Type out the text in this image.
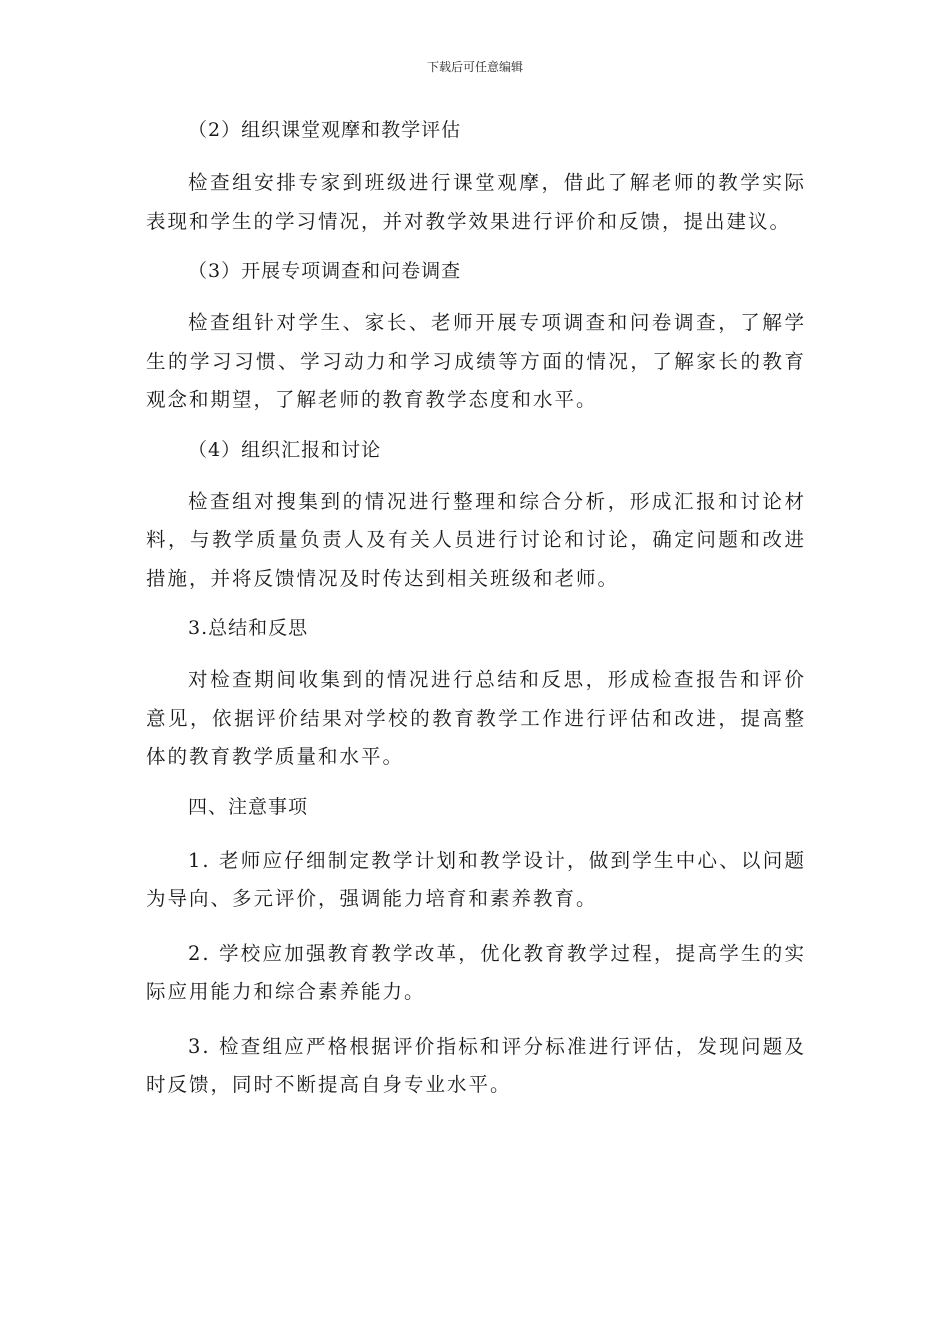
下载后可任意编辑
（2）组织课堂观摩和教学评估
检查组安排专家到班级进行课堂观摩，借此了解老师的教学实际表现和学生的学习情况，并对教学效果进行评价和反馈，提出建议。
（3）开展专项调查和问卷调查
检查组针对学生、家长、老师开展专项调查和问卷调查，了解学生的学习习惯、学习动力和学习成绩等方面的情况，了解家长的教育观念和期望，了解老师的教育教学态度和水平。
（4）组织汇报和讨论
检查组对搜集到的情况进行整理和综合分析，形成汇报和讨论材料，与教学质量负责人及有关人员进行讨论和讨论，确定问题和改进措施，并将反馈情况及时传达到相关班级和老师。
3.总结和反思
对检查期间收集到的情况进行总结和反思，形成检查报告和评价意见，依据评价结果对学校的教育教学工作进行评估和改进，提高整体的教育教学质量和水平。
四、注意事项
1. 老师应仔细制定教学计划和教学设计，做到学生中心、以问题为导向、多元评价，强调能力培育和素养教育。
2. 学校应加强教育教学改革，优化教育教学过程，提高学生的实际应用能力和综合素养能力。
3. 检查组应严格根据评价指标和评分标准进行评估，发现问题及时反馈，同时不断提高自身专业水平。
